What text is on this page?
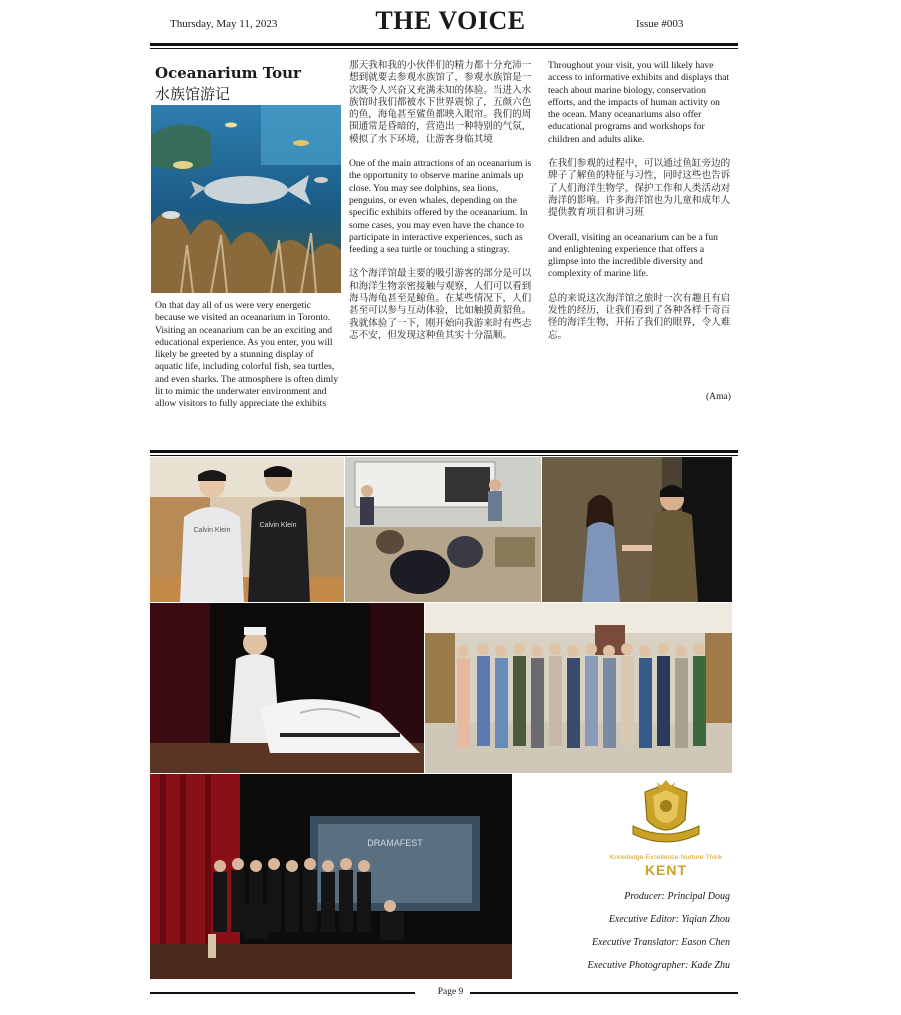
Thursday, May 11, 2023	THE VOICE	Issue #003
Oceanarium Tour
水族馆游记

On that day all of us were very energetic because we visited an oceanarium in Toronto. Visiting an oceanarium can be an exciting and educational experience. As you enter, you will likely be greeted by a stunning display of aquatic life, including colorful fish, sea turtles, and even sharks. The atmosphere is often dimly lit to mimic the underwater environment and allow visitors to fully appreciate the exhibits

那天我和我的小伙伴们的精力都十分充沛一想到就要去参观水族馆了，参观水族馆是一次既令人兴奋又充满未知的体验。当进入水族馆时我们都被水下世界震惊了，五颜六色的鱼，海龟甚至鲨鱼都映入眼帘。我们的周围通常是昏暗的，营造出一种特别的气氛，模拟了水下环境，让游客身临其境

One of the main attractions of an oceanarium is the opportunity to observe marine animals up close. You may see dolphins, sea lions, penguins, or even whales, depending on the specific exhibits offered by the oceanarium. In some cases, you may even have the chance to participate in interactive experiences, such as feeding a sea turtle or touching a stingray.

这个海洋馆最主要的吸引游客的部分是可以和海洋生物亲密接触与观察，人们可以看到海马海龟甚至是鲸鱼。在某些情况下，人们甚至可以参与互动体验，比如触摸黄貂鱼。我就体验了一下，刚开始向我游来时有些忐忑不安，但发现这种鱼其实十分温顺。

Throughout your visit, you will likely have access to informative exhibits and displays that teach about marine biology, conservation efforts, and the impacts of human activity on the ocean. Many oceanariums also offer educational programs and workshops for children and adults alike.

在我们参观的过程中，可以通过鱼缸旁边的牌子了解鱼的特征与习性，同时这些也告诉了人们海洋生物学、保护工作和人类活动对海洋的影响。许多海洋馆也为儿童和成年人提供教育项目和讲习班

Overall, visiting an oceanarium can be a fun and enlightening experience that offers a glimpse into the incredible diversity and complexity of marine life.

总的来说这次海洋馆之旅时一次有趣且有启发性的经历，让我们看到了各种各样千奇百怪的海洋生物，开拓了我们的眼界，令人难忘。

(Ama)
Calvin Klein
Calvin Klein
DRAMAFEST
Knowledge·Excellence·Nurture·Think
KENT
Producer: Principal Doug
Executive Editor: Yiqian Zhou
Executive Translator: Eason Chen
Executive Photographer: Kade Zhu
Page 9
